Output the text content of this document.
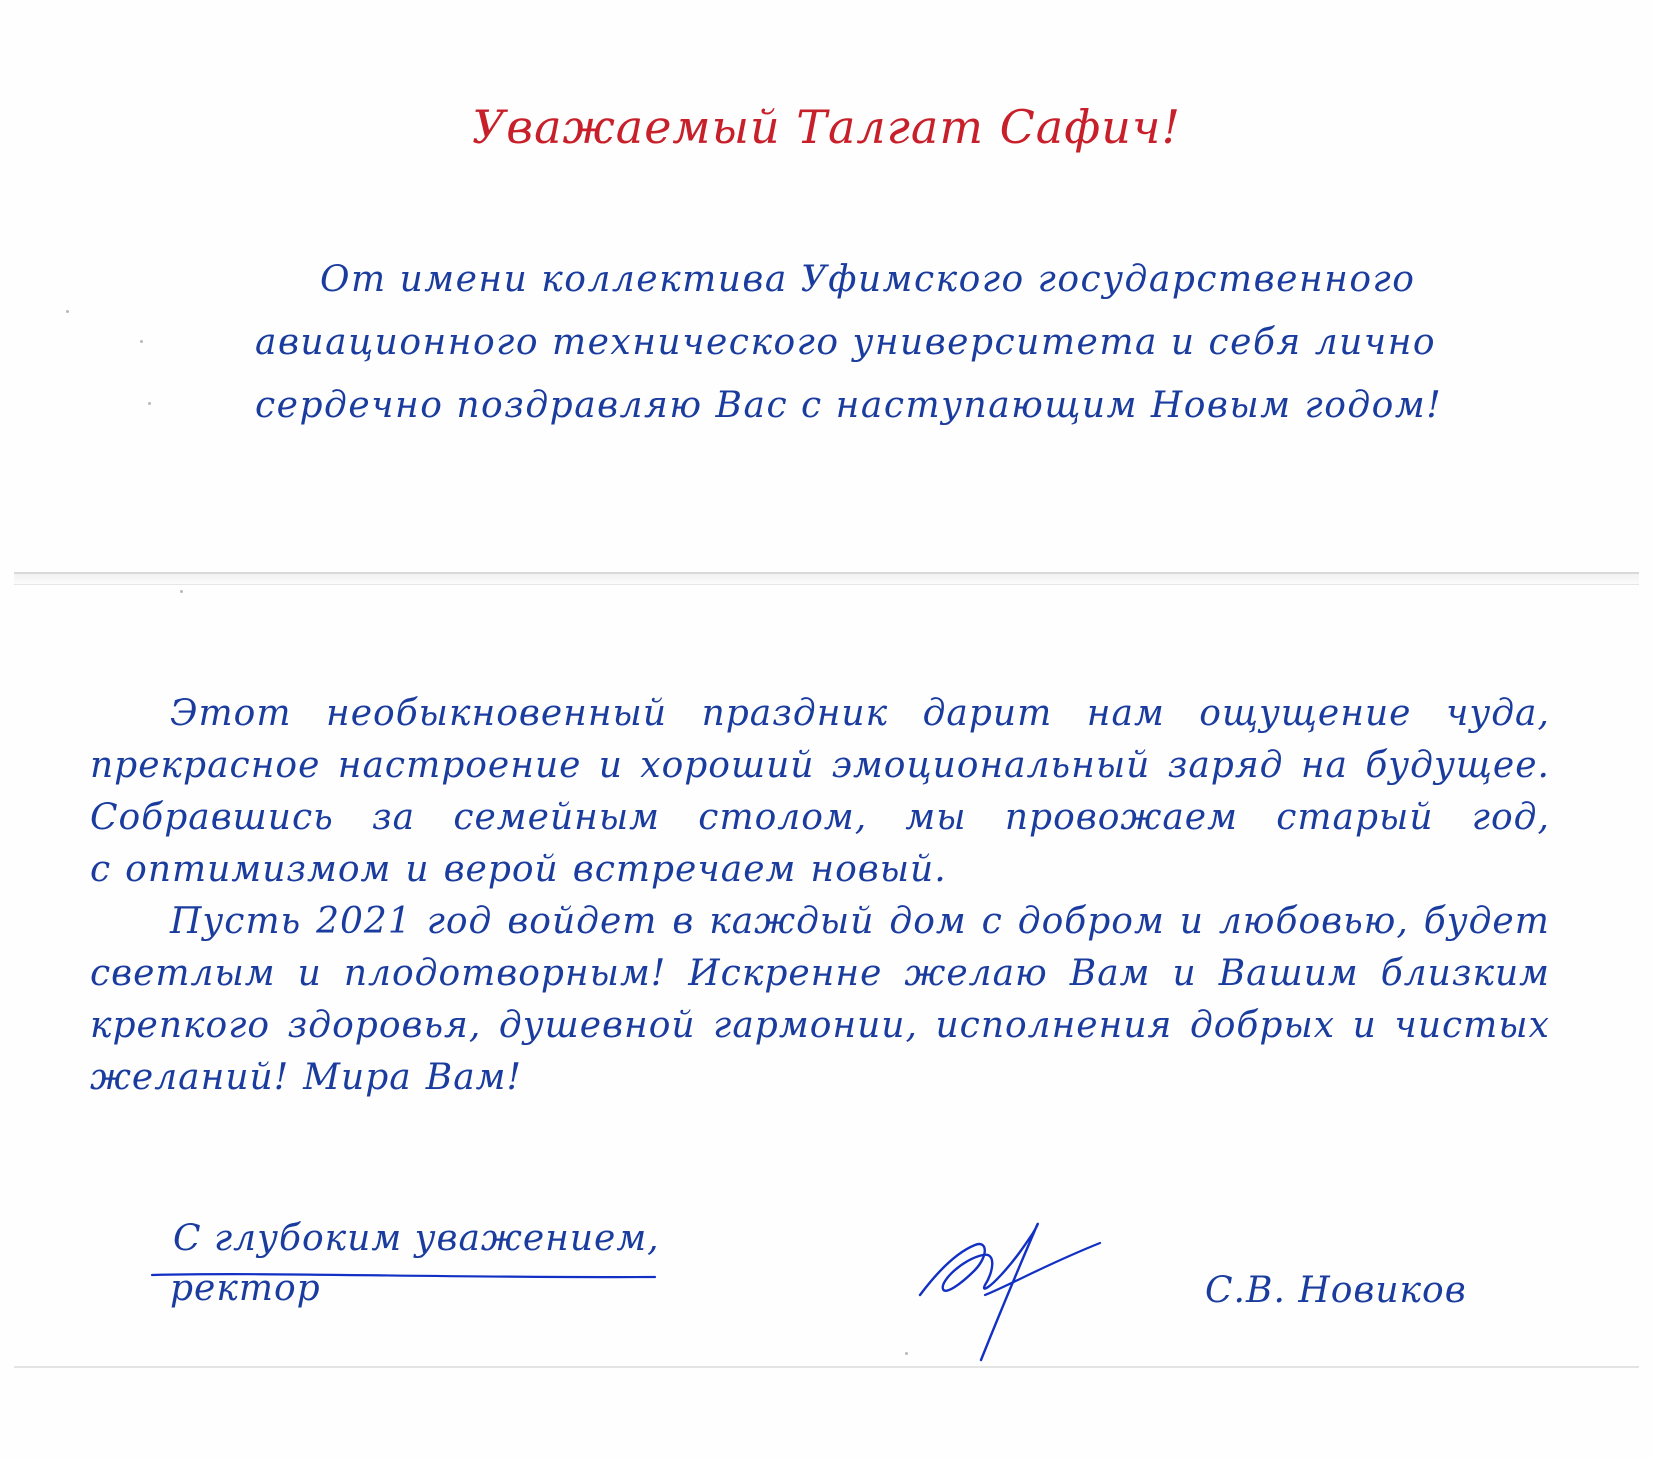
Уважаемый Талгат Сафич!
От имени коллектива Уфимского государственного
авиационного технического университета и себя лично
сердечно поздравляю Вас с наступающим Новым годом!
Этот необыкновенный праздник дарит нам ощущение чуда,
прекрасное настроение и хороший эмоциональный заряд на будущее.
Собравшись за семейным столом, мы провожаем старый год,
с оптимизмом и верой встречаем новый.
Пусть 2021 год войдет в каждый дом с добром и любовью, будет
светлым и плодотворным! Искренне желаю Вам и Вашим близким
крепкого здоровья, душевной гармонии, исполнения добрых и чистых
желаний! Мира Вам!
С глубоким уважением,
ректор	С.В. Новиков
